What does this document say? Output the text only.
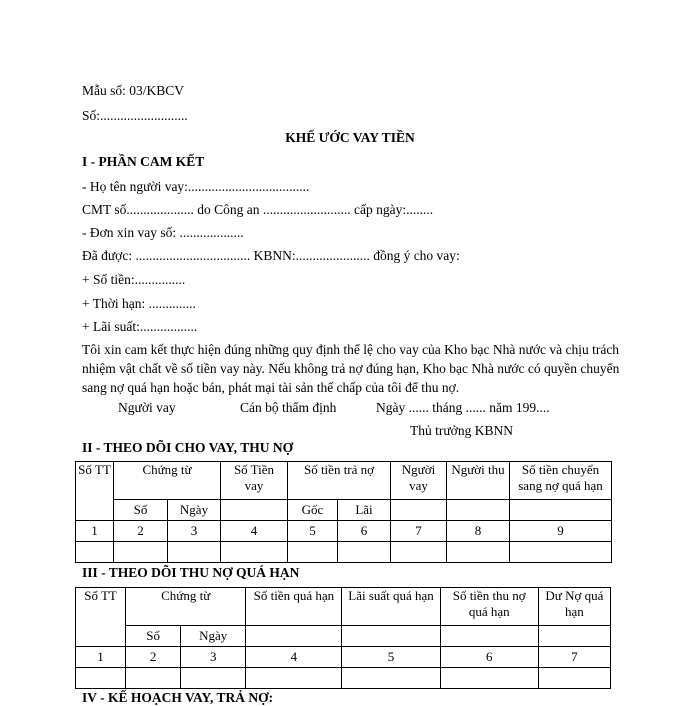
Mẫu số: 03/KBCV
Số:..........................
KHẾ ƯỚC VAY TIỀN
I - PHẦN CAM KẾT
- Họ tên người vay:....................................
CMT số.................... do Công an .......................... cấp ngày:........
- Đơn xin vay số: ...................
Đã được: .................................. KBNN:...................... đồng ý cho vay:
+ Số tiền:...............
+ Thời hạn: ..............
+ Lãi suất:.................

Tôi xin cam kết thực hiện đúng những quy định thể lệ cho vay của Kho bạc Nhà nước và chịu trách nhiệm vật chất về số tiền vay này. Nếu không trả nợ đúng hạn, Kho bạc Nhà nước có quyền chuyển sang nợ quá hạn hoặc bán, phát mại tài sản thế chấp của tôi để thu nợ.

Người vay	Cán bộ thẩm định	Ngày ...... tháng ...... năm 199....
Thủ trưởng KBNN
II - THEO DÕI CHO VAY, THU NỢ
Số TT	Chứng từ		Số Tiền vay	Số tiền trả nợ		Người vay	Người thu	Số tiền chuyển sang nợ quá hạn
	Số	Ngày		Gốc	Lãi			
1	2	3	4	5	6	7	8	9

III - THEO DÕI THU NỢ QUÁ HẠN
Số TT	Chứng từ		Số tiền quá hạn	Lãi suất quá hạn	Số tiền thu nợ quá hạn	Dư Nợ quá hạn
	Số	Ngày				
1	2	3	4	5	6	7

IV - KẾ HOẠCH VAY, TRẢ NỢ:
